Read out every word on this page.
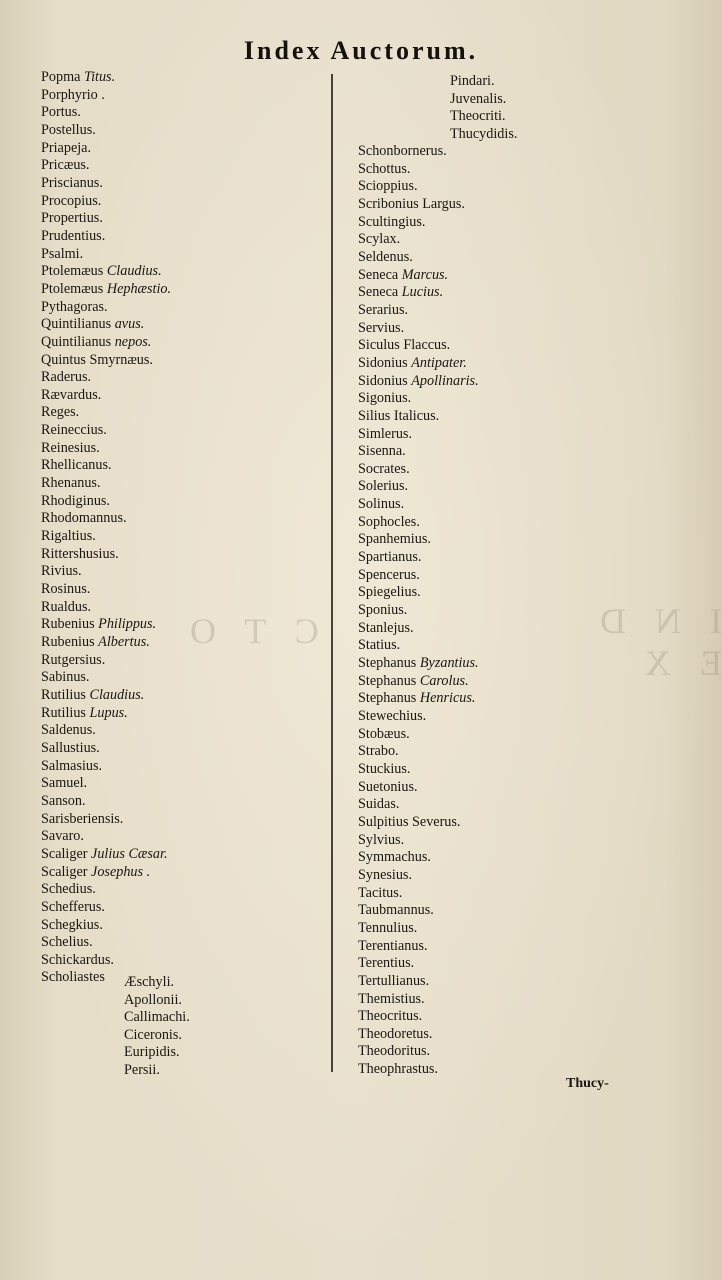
I N D E X
C T O
Index Auctorum.
Popma Titus.
Porphyrio .
Portus.
Postellus.
Priapeja.
Pricæus.
Priscianus.
Procopius.
Propertius.
Prudentius.
Psalmi.
Ptolemæus Claudius.
Ptolemæus Hephæstio.
Pythagoras.
Quintilianus avus.
Quintilianus nepos.
Quintus Smyrnæus.
Raderus.
Rævardus.
Reges.
Reineccius.
Reinesius.
Rhellicanus.
Rhenanus.
Rhodiginus.
Rhodomannus.
Rigaltius.
Rittershusius.
Rivius.
Rosinus.
Rualdus.
Rubenius Philippus.
Rubenius Albertus.
Rutgersius.
Sabinus.
Rutilius Claudius.
Rutilius Lupus.
Saldenus.
Sallustius.
Salmasius.
Samuel.
Sanson.
Sarisberiensis.
Savaro.
Scaliger Julius Cæsar.
Scaliger Josephus .
Schedius.
Schefferus.
Schegkius.
Schelius.
Schickardus.
Scholiastes	Æschyli.
Apollonii.
Callimachi.
Ciceronis.
Euripidis.
Persii.
Pindari.
Juvenalis.
Theocriti.
Thucydidis.
Schonbornerus.
Schottus.
Scioppius.
Scribonius Largus.
Scultingius.
Scylax.
Seldenus.
Seneca Marcus.
Seneca Lucius.
Serarius.
Servius.
Siculus Flaccus.
Sidonius Antipater.
Sidonius Apollinaris.
Sigonius.
Silius Italicus.
Simlerus.
Sisenna.
Socrates.
Solerius.
Solinus.
Sophocles.
Spanhemius.
Spartianus.
Spencerus.
Spiegelius.
Sponius.
Stanlejus.
Statius.
Stephanus Byzantius.
Stephanus Carolus.
Stephanus Henricus.
Stewechius.
Stobæus.
Strabo.
Stuckius.
Suetonius.
Suidas.
Sulpitius Severus.
Sylvius.
Symmachus.
Synesius.
Tacitus.
Taubmannus.
Tennulius.
Terentianus.
Terentius.
Tertullianus.
Themistius.
Theocritus.
Theodoretus.
Theodoritus.
Theophrastus.
Thucy-
